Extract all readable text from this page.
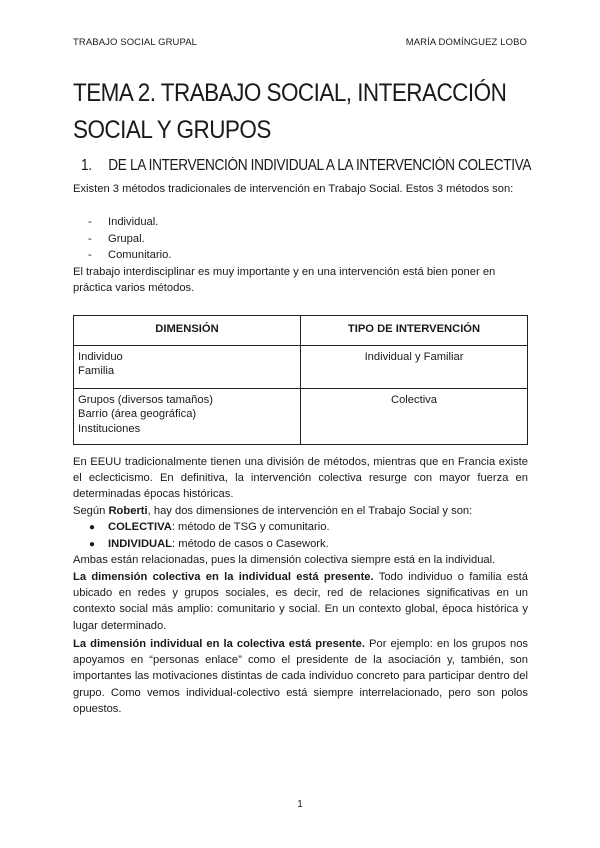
TRABAJO SOCIAL GRUPAL	MARÍA DOMÍNGUEZ LOBO
TEMA 2. TRABAJO SOCIAL, INTERACCIÓN SOCIAL Y GRUPOS
1. DE LA INTERVENCIÓN INDIVIDUAL A LA INTERVENCIÓN COLECTIVA
Existen 3 métodos tradicionales de intervención en Trabajo Social. Estos 3 métodos son:
- Individual.
- Grupal.
- Comunitario.
El trabajo interdisciplinar es muy importante y en una intervención está bien poner en práctica varios métodos.
DIMENSIÓN	TIPO DE INTERVENCIÓN

Individuo
Familia	Individual y Familiar

Grupos (diversos tamaños)
Barrio (área geográfica)
Instituciones	Colectiva
En EEUU tradicionalmente tienen una división de métodos, mientras que en Francia existe el eclecticismo. En definitiva, la intervención colectiva resurge con mayor fuerza en determinadas épocas históricas.
Según Roberti, hay dos dimensiones de intervención en el Trabajo Social y son:
● COLECTIVA: método de TSG y comunitario.
● INDIVIDUAL: método de casos o Casework.
Ambas están relacionadas, pues la dimensión colectiva siempre está en la individual.
La dimensión colectiva en la individual está presente. Todo individuo o familia está ubicado en redes y grupos sociales, es decir, red de relaciones significativas en un contexto social más amplio: comunitario y social. En un contexto global, época histórica y lugar determinado.
La dimensión individual en la colectiva está presente. Por ejemplo: en los grupos nos apoyamos en “personas enlace” como el presidente de la asociación y, también, son importantes las motivaciones distintas de cada individuo concreto para participar dentro del grupo. Como vemos individual-colectivo está siempre interrelacionado, pero son polos opuestos.
1
